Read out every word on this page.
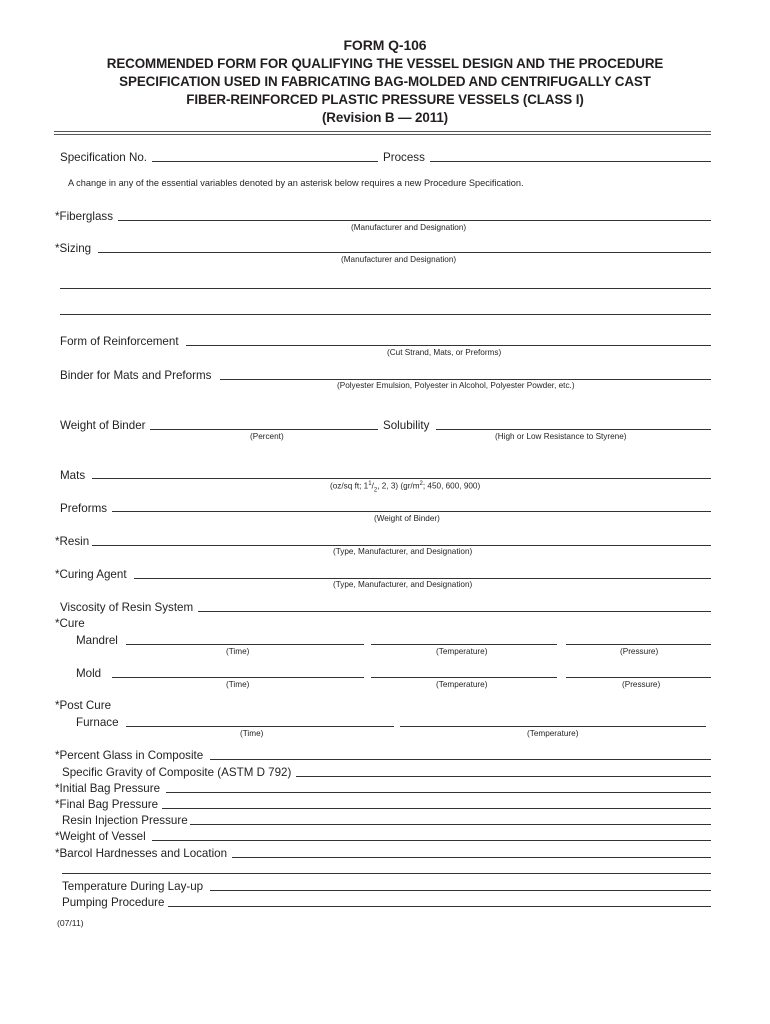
FORM Q-106
RECOMMENDED FORM FOR QUALIFYING THE VESSEL DESIGN AND THE PROCEDURE
SPECIFICATION USED IN FABRICATING BAG-MOLDED AND CENTRIFUGALLY CAST
FIBER-REINFORCED PLASTIC PRESSURE VESSELS (CLASS I)
(Revision B — 2011)
Specification No.	Process
A change in any of the essential variables denoted by an asterisk below requires a new Procedure Specification.
*Fiberglass
(Manufacturer and Designation)
*Sizing
(Manufacturer and Designation)
Form of Reinforcement
(Cut Strand, Mats, or Preforms)
Binder for Mats and Preforms
(Polyester Emulsion, Polyester in Alcohol, Polyester Powder, etc.)
Weight of Binder
(Percent)
Solubility
(High or Low Resistance to Styrene)
Mats
(oz/sq ft; $1^1/_2$, 2, 3) ($gr/m^2$; 450, 600, 900)
Preforms
(Weight of Binder)
*Resin
(Type, Manufacturer, and Designation)
*Curing Agent
(Type, Manufacturer, and Designation)
Viscosity of Resin System
*Cure
Mandrel
(Time)	(Temperature)	(Pressure)
Mold
(Time)	(Temperature)	(Pressure)
*Post Cure
Furnace
(Time)	(Temperature)
*Percent Glass in Composite
Specific Gravity of Composite (ASTM D 792)
*Initial Bag Pressure
*Final Bag Pressure
Resin Injection Pressure
*Weight of Vessel
*Barcol Hardnesses and Location
Temperature During Lay-up
Pumping Procedure
(07/11)
